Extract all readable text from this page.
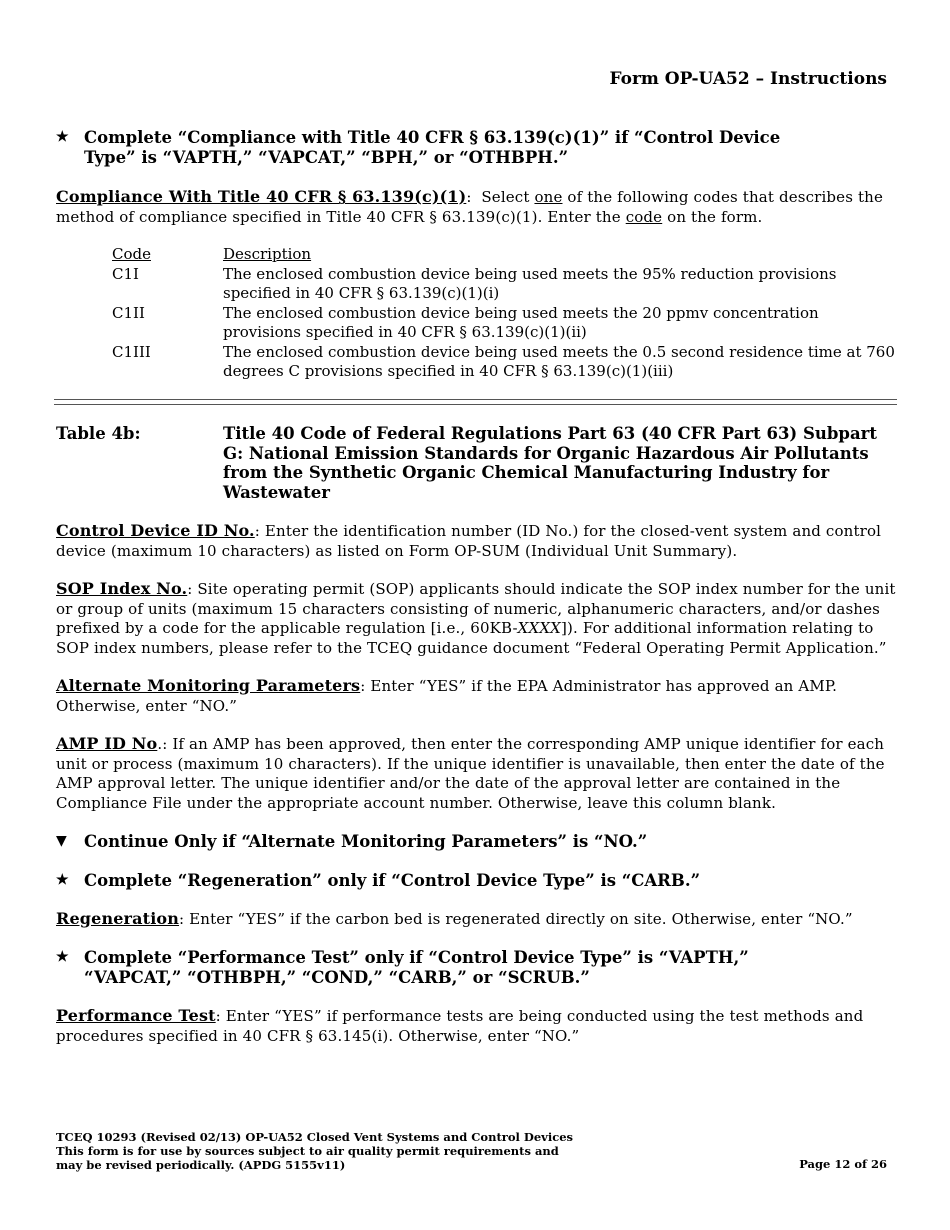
Form OP-UA52 – Instructions
★ Complete “Compliance with Title 40 CFR § 63.139(c)(1)” if “Control Device Type” is “VAPTH,” “VAPCAT,” “BPH,” or “OTHBPH.”
Compliance With Title 40 CFR § 63.139(c)(1):  Select one of the following codes that describes the method of compliance specified in Title 40 CFR § 63.139(c)(1). Enter the code on the form.
Code	Description
C1I	The enclosed combustion device being used meets the 95% reduction provisions specified in 40 CFR § 63.139(c)(1)(i)
C1II	The enclosed combustion device being used meets the 20 ppmv concentration provisions specified in 40 CFR § 63.139(c)(1)(ii)
C1III	The enclosed combustion device being used meets the 0.5 second residence time at 760 degrees C provisions specified in 40 CFR § 63.139(c)(1)(iii)
Table 4b:	Title 40 Code of Federal Regulations Part 63 (40 CFR Part 63) Subpart G: National Emission Standards for Organic Hazardous Air Pollutants from the Synthetic Organic Chemical Manufacturing Industry for Wastewater
Control Device ID No.: Enter the identification number (ID No.) for the closed-vent system and control device (maximum 10 characters) as listed on Form OP-SUM (Individual Unit Summary).
SOP Index No.: Site operating permit (SOP) applicants should indicate the SOP index number for the unit or group of units (maximum 15 characters consisting of numeric, alphanumeric characters, and/or dashes prefixed by a code for the applicable regulation [i.e., 60KB-XXXX]). For additional information relating to SOP index numbers, please refer to the TCEQ guidance document “Federal Operating Permit Application.”
Alternate Monitoring Parameters: Enter “YES” if the EPA Administrator has approved an AMP. Otherwise, enter “NO.”
AMP ID No.: If an AMP has been approved, then enter the corresponding AMP unique identifier for each unit or process (maximum 10 characters). If the unique identifier is unavailable, then enter the date of the AMP approval letter. The unique identifier and/or the date of the approval letter are contained in the Compliance File under the appropriate account number. Otherwise, leave this column blank.
▼	Continue Only if “Alternate Monitoring Parameters” is “NO.”
★ Complete “Regeneration” only if “Control Device Type” is “CARB.”
Regeneration: Enter “YES” if the carbon bed is regenerated directly on site. Otherwise, enter “NO.”
★ Complete “Performance Test” only if “Control Device Type” is “VAPTH,” “VAPCAT,” “OTHBPH,” “COND,” “CARB,” or “SCRUB.”
Performance Test: Enter “YES” if performance tests are being conducted using the test methods and procedures specified in 40 CFR § 63.145(i). Otherwise, enter “NO.”
TCEQ 10293 (Revised 02/13) OP-UA52 Closed Vent Systems and Control Devices
This form is for use by sources subject to air quality permit requirements and
may be revised periodically. (APDG 5155v11)	Page 12 of 26
